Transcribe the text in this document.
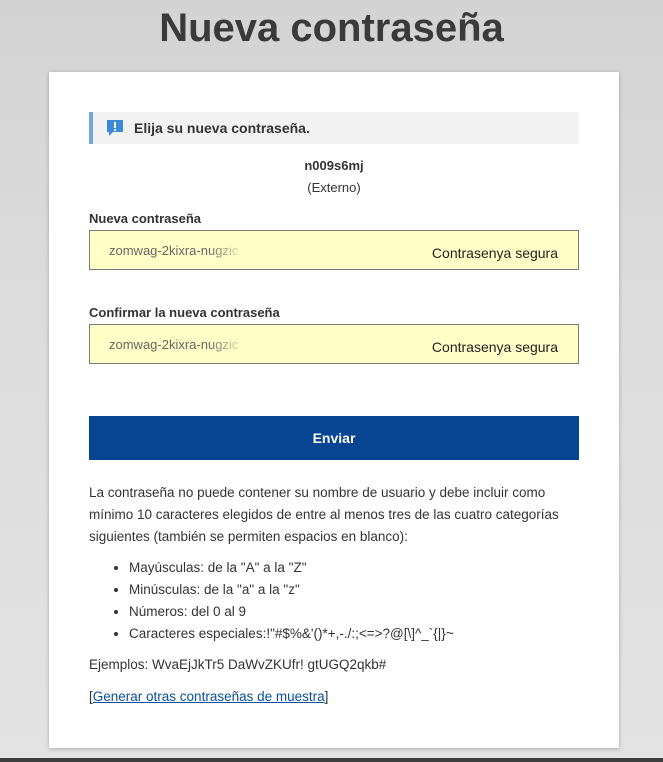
Nueva contraseña
Elija su nueva contraseña.
n009s6mj
(Externo)
Nueva contraseña
zomwag-2kixra-nugzic
Contrasenya segura
Confirmar la nueva contraseña
zomwag-2kixra-nugzic
Contrasenya segura
Enviar

La contraseña no puede contener su nombre de usuario y debe incluir como mínimo 10 caracteres elegidos de entre al menos tres de las cuatro categorías siguientes (también se permiten espacios en blanco):

• Mayúsculas: de la "A" a la "Z"
• Minúsculas: de la "a" a la "z"
• Números: del 0 al 9
• Caracteres especiales:!"#$%&'()*+,-./:;<=>?@[\]^_`{|}~

Ejemplos: WvaEjJkTr5 DaWvZKUfr! gtUGQ2qkb#

[Generar otras contraseñas de muestra]
